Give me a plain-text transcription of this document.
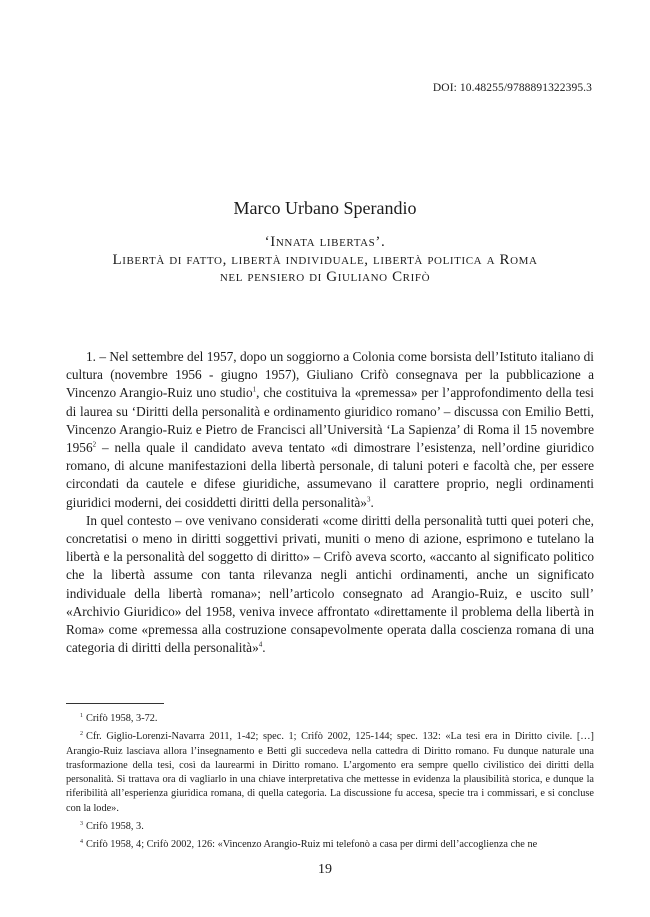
DOI: 10.48255/9788891322395.3
Marco Urbano Sperandio
‘Innata libertas’.
Libertà di fatto, libertà individuale, libertà politica a Roma
nel pensiero di Giuliano Crifò

1. – Nel settembre del 1957, dopo un soggiorno a Colonia come borsista dell’Istituto italiano di cultura (novembre 1956 - giugno 1957), Giuliano Crifò consegnava per la pubblicazione a Vincenzo Arangio-Ruiz uno studio$^1$, che costituiva la «premessa» per l’approfondimento della tesi di laurea su ‘Diritti della personalità e ordinamento giuridico romano’ – discussa con Emilio Betti, Vincenzo Arangio-Ruiz e Pietro de Francisci all’Università ‘La Sapienza’ di Roma il 15 novembre 1956$^2$ – nella quale il candidato aveva tentato «di dimostrare l’esistenza, nell’ordine giuridico romano, di alcune manifestazioni della libertà personale, di taluni poteri e facoltà che, per essere circondati da cautele e difese giuridiche, assumevano il carattere proprio, negli ordinamenti giuridici moderni, dei cosiddetti diritti della personalità»$^3$.

In quel contesto – ove venivano considerati «come diritti della personalità tutti quei poteri che, concretatisi o meno in diritti soggettivi privati, muniti o meno di azione, esprimono e tutelano la libertà e la personalità del soggetto di diritto» – Crifò aveva scorto, «accanto al significato politico che la libertà assume con tanta rilevanza negli antichi ordinamenti, anche un significato individuale della libertà romana»; nell’articolo consegnato ad Arangio-Ruiz, e uscito sull’ «Archivio Giuridico» del 1958, veniva invece affrontato «direttamente il problema della libertà in Roma» come «premessa alla costruzione consapevolmente operata dalla coscienza romana di una categoria di diritti della personalità»$^4$.

$^1$ Crifò 1958, 3-72.

$^2$ Cfr. Giglio-Lorenzi-Navarra 2011, 1-42; spec. 1; Crifò 2002, 125-144; spec. 132: «La tesi era in Diritto civile. […] Arangio-Ruiz lasciava allora l’insegnamento e Betti gli succedeva nella cattedra di Diritto romano. Fu dunque naturale una trasformazione della tesi, così da laurearmi in Diritto romano. L’argomento era sempre quello civilistico dei diritti della personalità. Si trattava ora di vagliarlo in una chiave interpretativa che mettesse in evidenza la plausibilità storica, e dunque la riferibilità all’esperienza giuridica romana, di quella categoria. La discussione fu accesa, specie tra i commissari, e si concluse con la lode».

$^3$ Crifò 1958, 3.

$^4$ Crifò 1958, 4; Crifò 2002, 126: «Vincenzo Arangio-Ruiz mi telefonò a casa per dirmi dell’accoglienza che ne

19
